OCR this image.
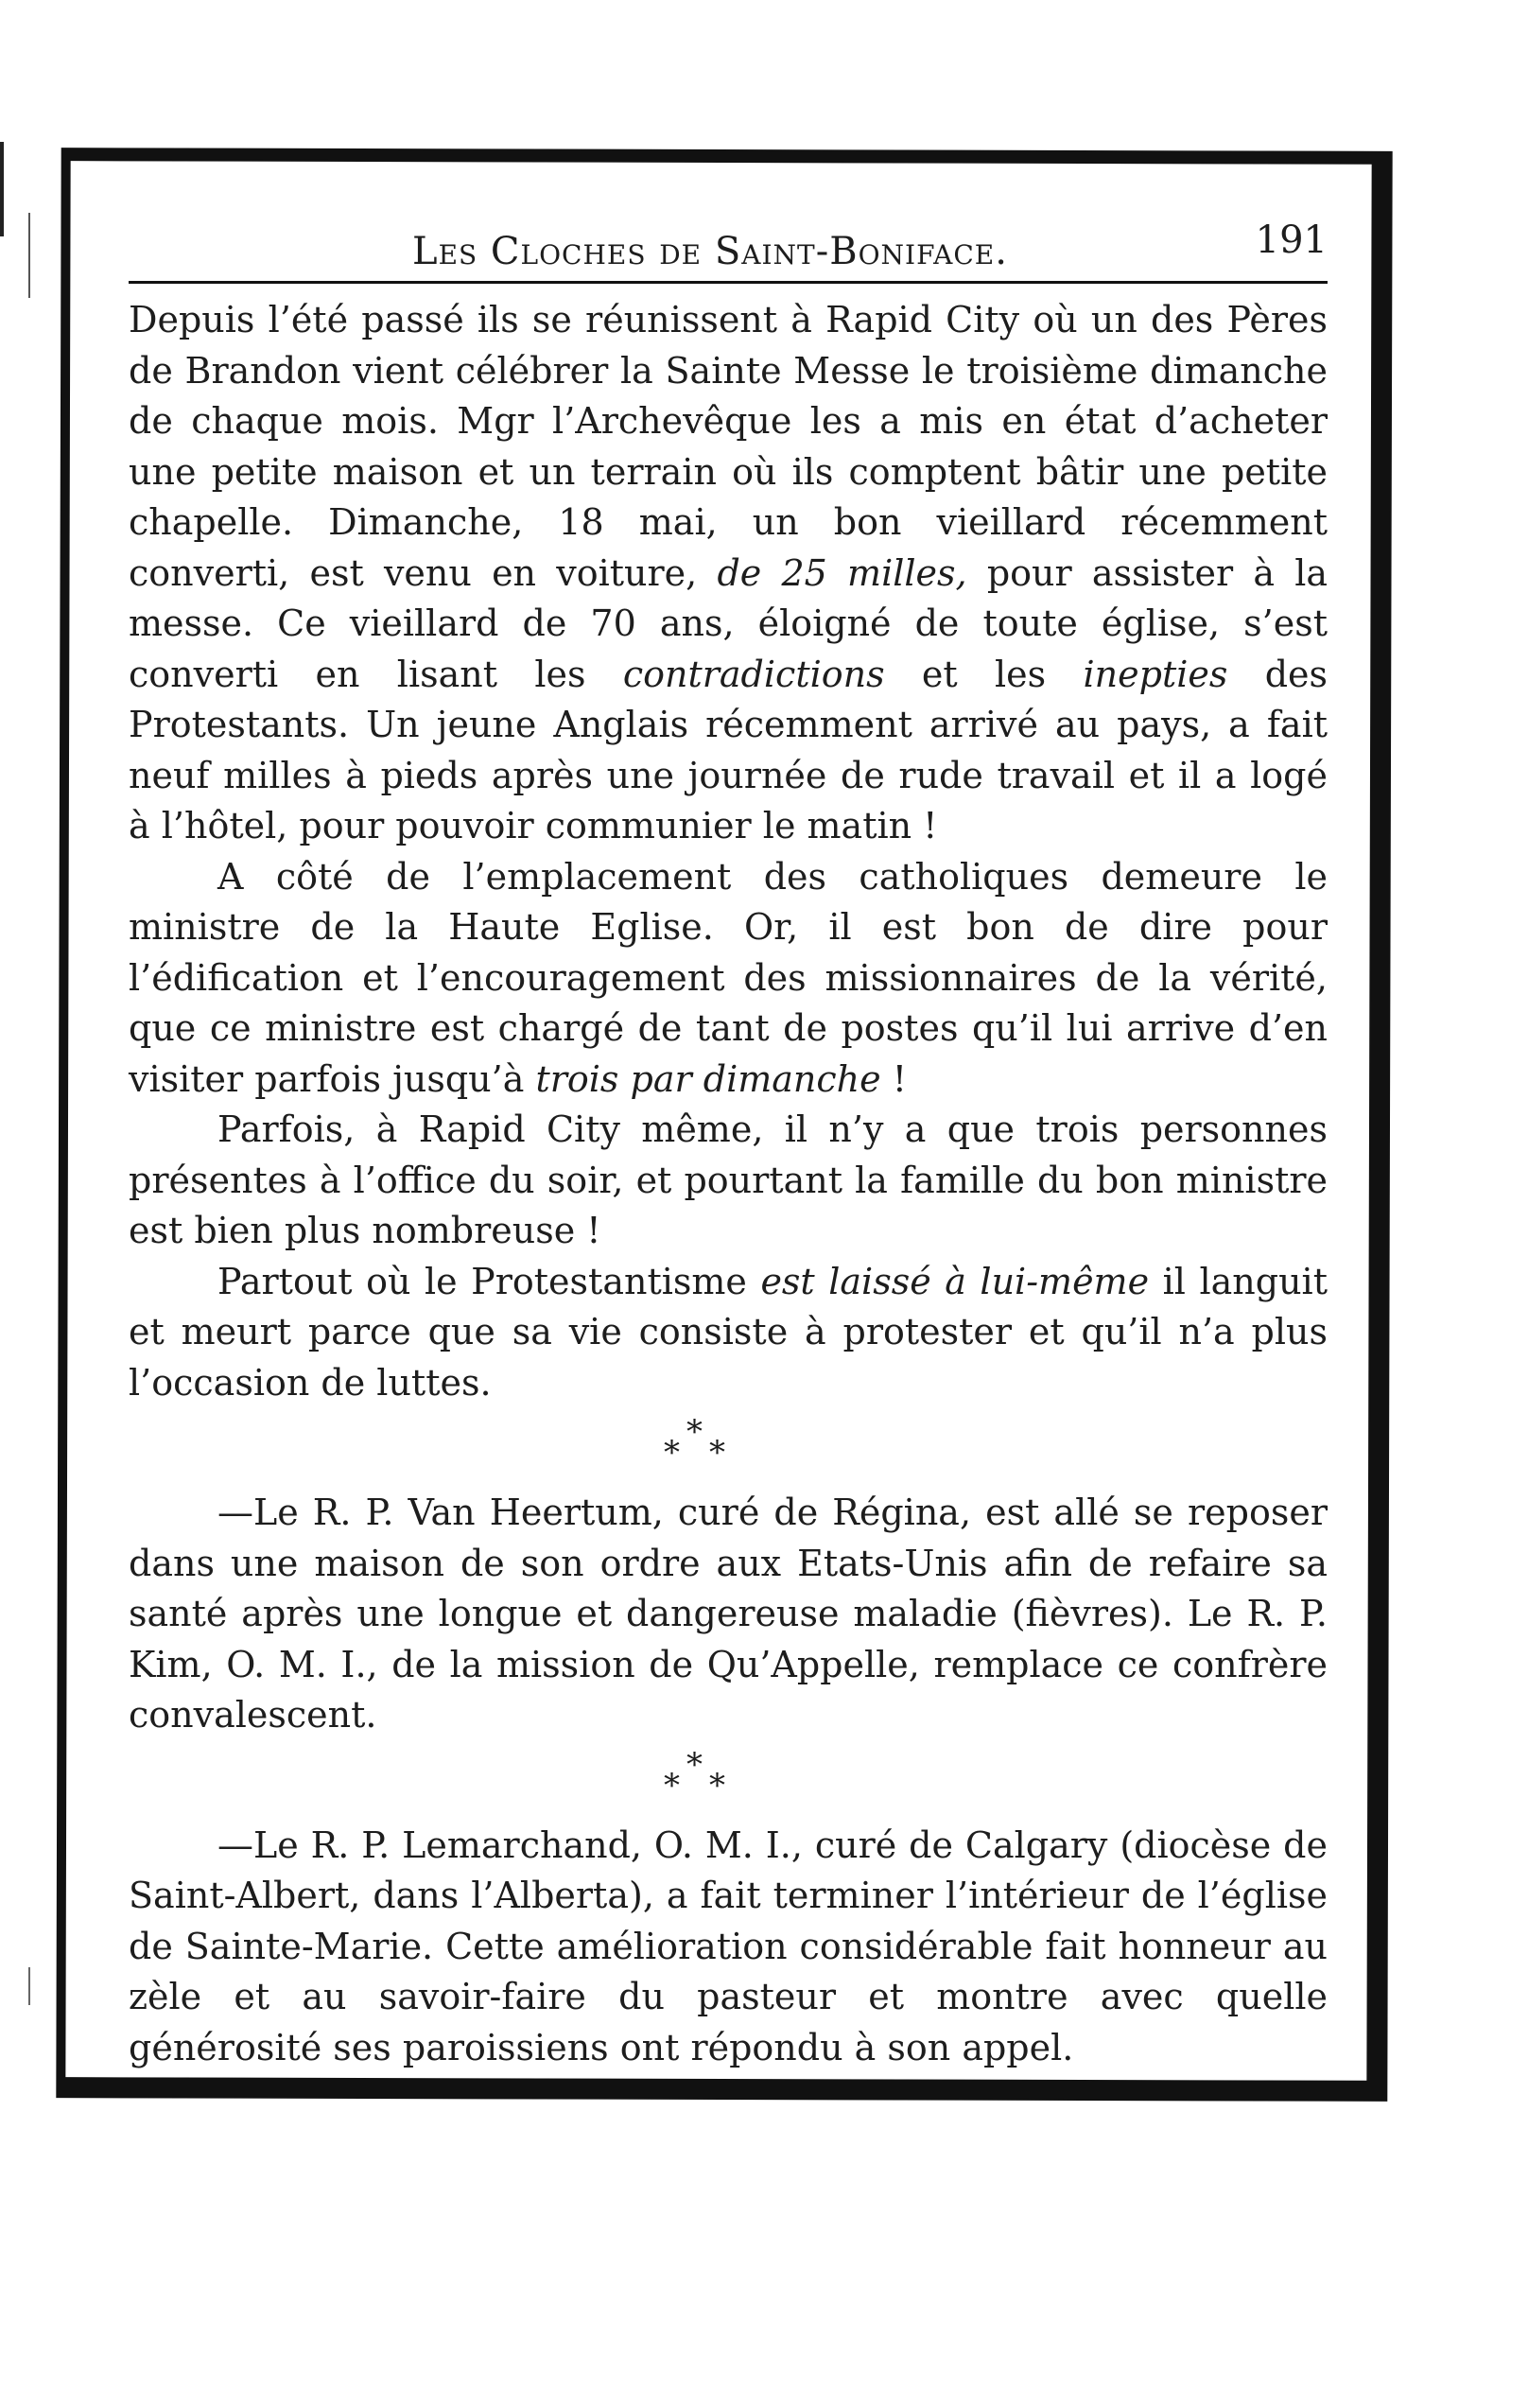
Les Cloches de Saint-Boniface.	191

Depuis l’été passé ils se réunissent à Rapid City où un des Pères de Brandon vient célébrer la Sainte Messe le troisième dimanche de chaque mois. Mgr l’Archevêque les a mis en état d’acheter une petite maison et un terrain où ils comptent bâtir une petite chapelle. Dimanche, 18 mai, un bon vieillard récemment converti, est venu en voiture, de 25 milles, pour assister à la messe. Ce vieillard de 70 ans, éloigné de toute église, s’est converti en lisant les contradictions et les inepties des Protestants. Un jeune Anglais récemment arrivé au pays, a fait neuf milles à pieds après une journée de rude travail et il a logé à l’hôtel, pour pouvoir communier le matin !

A côté de l’emplacement des catholiques demeure le ministre de la Haute Eglise. Or, il est bon de dire pour l’édification et l’encouragement des missionnaires de la vérité, que ce ministre est chargé de tant de postes qu’il lui arrive d’en visiter parfois jusqu’à trois par dimanche !

Parfois, à Rapid City même, il n’y a que trois personnes présentes à l’office du soir, et pourtant la famille du bon ministre est bien plus nombreuse !

Partout où le Protestantisme est laissé à lui-même il languit et meurt parce que sa vie consiste à protester et qu’il n’a plus l’occasion de luttes.

*
* *

—Le R. P. Van Heertum, curé de Régina, est allé se reposer dans une maison de son ordre aux Etats-Unis afin de refaire sa santé après une longue et dangereuse maladie (fièvres). Le R. P. Kim, O. M. I., de la mission de Qu’Appelle, remplace ce confrère convalescent.

*
* *

—Le R. P. Lemarchand, O. M. I., curé de Calgary (diocèse de Saint-Albert, dans l’Alberta), a fait terminer l’intérieur de l’église de Sainte-Marie. Cette amélioration considérable fait honneur au zèle et au savoir-faire du pasteur et montre avec quelle générosité ses paroissiens ont répondu à son appel.
